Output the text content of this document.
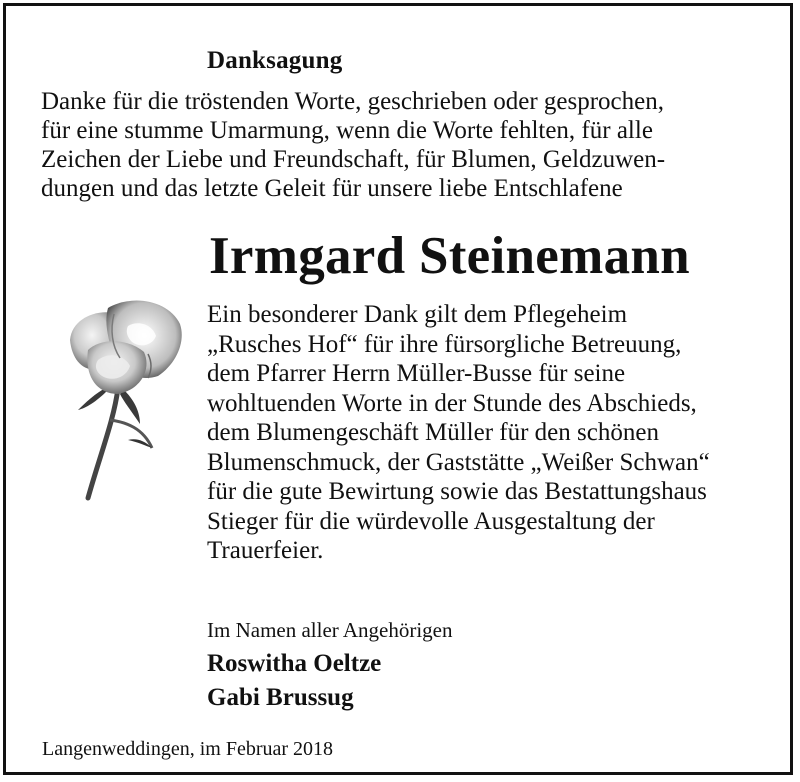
Danksagung
Danke für die tröstenden Worte, geschrieben oder gesprochen,
für eine stumme Umarmung, wenn die Worte fehlten, für alle
Zeichen der Liebe und Freundschaft, für Blumen, Geldzuwen-
dungen und das letzte Geleit für unsere liebe Entschlafene
Irmgard Steinemann
Ein besonderer Dank gilt dem Pflegeheim
„Rusches Hof“ für ihre fürsorgliche Betreuung,
dem Pfarrer Herrn Müller-Busse für seine
wohltuenden Worte in der Stunde des Abschieds,
dem Blumengeschäft Müller für den schönen
Blumenschmuck, der Gaststätte „Weißer Schwan“
für die gute Bewirtung sowie das Bestattungshaus
Stieger für die würdevolle Ausgestaltung der
Trauerfeier.
Im Namen aller Angehörigen
Roswitha Oeltze
Gabi Brussug
Langenweddingen, im Februar 2018
